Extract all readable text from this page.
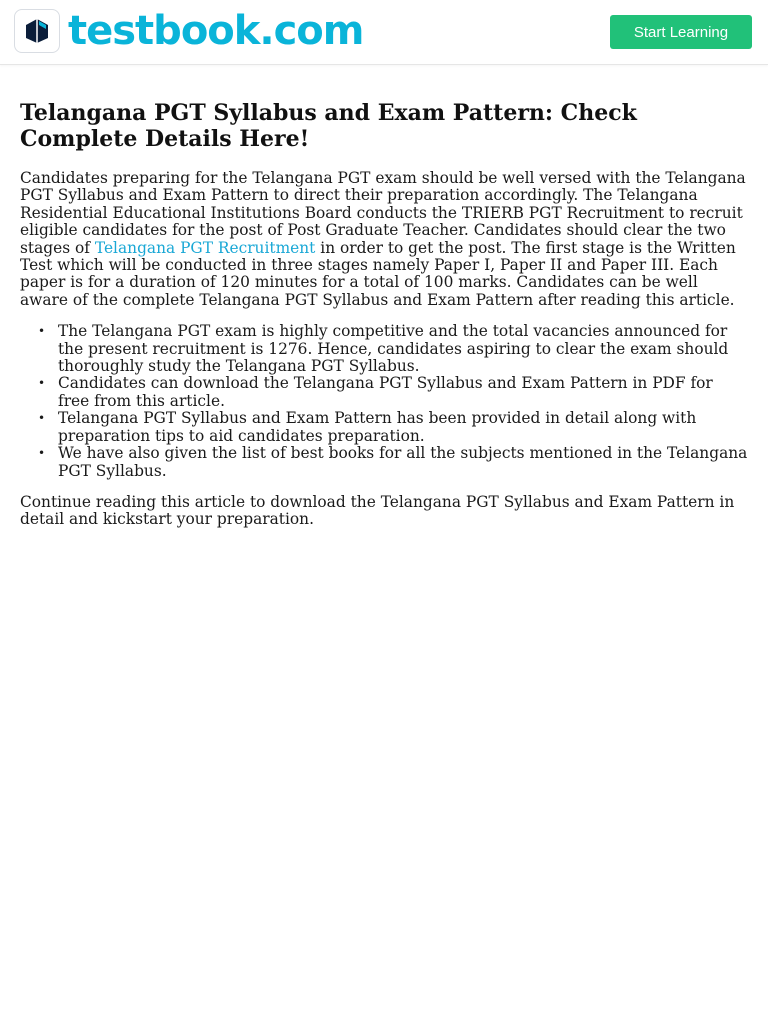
testbook.com	Start Learning
Telangana PGT Syllabus and Exam Pattern: Check Complete Details Here!

Candidates preparing for the Telangana PGT exam should be well versed with the Telangana PGT Syllabus and Exam Pattern to direct their preparation accordingly. The Telangana Residential Educational Institutions Board conducts the TRIERB PGT Recruitment to recruit eligible candidates for the post of Post Graduate Teacher. Candidates should clear the two stages of Telangana PGT Recruitment in order to get the post. The first stage is the Written Test which will be conducted in three stages namely Paper I, Paper II and Paper III. Each paper is for a duration of 120 minutes for a total of 100 marks. Candidates can be well aware of the complete Telangana PGT Syllabus and Exam Pattern after reading this article.

• The Telangana PGT exam is highly competitive and the total vacancies announced for the present recruitment is 1276. Hence, candidates aspiring to clear the exam should thoroughly study the Telangana PGT Syllabus.
• Candidates can download the Telangana PGT Syllabus and Exam Pattern in PDF for free from this article.
• Telangana PGT Syllabus and Exam Pattern has been provided in detail along with preparation tips to aid candidates preparation.
• We have also given the list of best books for all the subjects mentioned in the Telangana PGT Syllabus.

Continue reading this article to download the Telangana PGT Syllabus and Exam Pattern in detail and kickstart your preparation.
